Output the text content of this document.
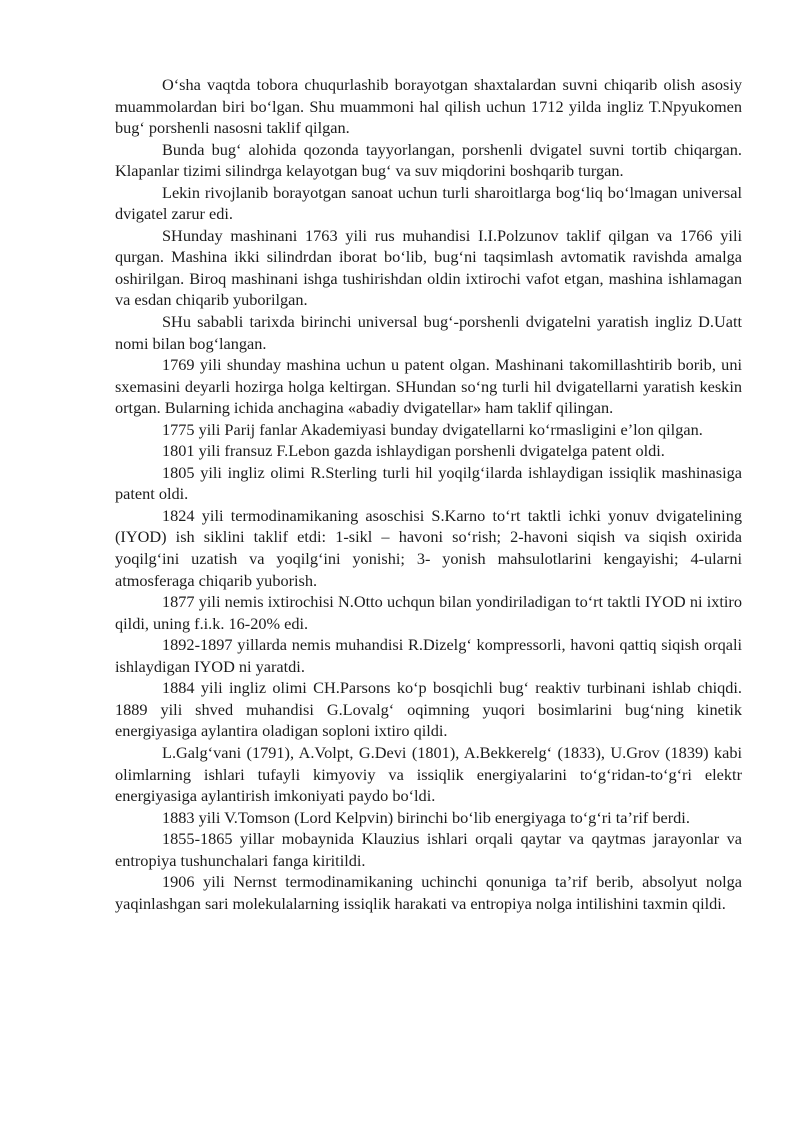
O‘sha vaqtda tobora chuqurlashib borayotgan shaxtalardan suvni chiqarib olish asosiy muammolardan biri bo‘lgan. Shu muammoni hal qilish uchun 1712 yilda ingliz T.Npyukomen bug‘ porshenli nasosni taklif qilgan.

Bunda bug‘ alohida qozonda tayyorlangan, porshenli dvigatel suvni tortib chiqargan. Klapanlar tizimi silindrga kelayotgan bug‘ va suv miqdorini boshqarib turgan.

Lekin rivojlanib borayotgan sanoat uchun turli sharoitlarga bog‘liq bo‘lmagan universal dvigatel zarur edi.

SHunday mashinani 1763 yili rus muhandisi I.I.Polzunov taklif qilgan va 1766 yili qurgan. Mashina ikki silindrdan iborat bo‘lib, bug‘ni taqsimlash avtomatik ravishda amalga oshirilgan. Biroq mashinani ishga tushirishdan oldin ixtirochi vafot etgan, mashina ishlamagan va esdan chiqarib yuborilgan.

SHu sababli tarixda birinchi universal bug‘-porshenli dvigatelni yaratish ingliz D.Uatt nomi bilan bog‘langan.

1769 yili shunday mashina uchun u patent olgan. Mashinani takomillashtirib borib, uni sxemasini deyarli hozirga holga keltirgan. SHundan so‘ng turli hil dvigatellarni yaratish keskin ortgan. Bularning ichida anchagina «abadiy dvigatellar» ham taklif qilingan.

1775 yili Parij fanlar Akademiyasi bunday dvigatellarni ko‘rmasligini e’lon qilgan.

1801 yili fransuz F.Lebon gazda ishlaydigan porshenli dvigatelga patent oldi.

1805 yili ingliz olimi R.Sterling turli hil yoqilg‘ilarda ishlaydigan issiqlik mashinasiga patent oldi.

1824 yili termodinamikaning asoschisi S.Karno to‘rt taktli ichki yonuv dvigatelining (IYOD) ish siklini taklif etdi: 1-sikl – havoni so‘rish; 2-havoni siqish va siqish oxirida yoqilg‘ini uzatish va yoqilg‘ini yonishi; 3- yonish mahsulotlarini kengayishi; 4-ularni atmosferaga chiqarib yuborish.

1877 yili nemis ixtirochisi N.Otto uchqun bilan yondiriladigan to‘rt taktli IYOD ni ixtiro qildi, uning f.i.k. 16-20% edi.

1892-1897 yillarda nemis muhandisi R.Dizelg‘ kompressorli, havoni qattiq siqish orqali ishlaydigan IYOD ni yaratdi.

1884 yili ingliz olimi CH.Parsons ko‘p bosqichli bug‘ reaktiv turbinani ishlab chiqdi. 1889 yili shved muhandisi G.Lovalg‘ oqimning yuqori bosimlarini bug‘ning kinetik energiyasiga aylantira oladigan soploni ixtiro qildi.

L.Galg‘vani (1791), A.Volpt, G.Devi (1801), A.Bekkerelg‘ (1833), U.Grov (1839) kabi olimlarning ishlari tufayli kimyoviy va issiqlik energiyalarini to‘g‘ridan-to‘g‘ri elektr energiyasiga aylantirish imkoniyati paydo bo‘ldi.

1883 yili V.Tomson (Lord Kelpvin) birinchi bo‘lib energiyaga to‘g‘ri ta’rif berdi.

1855-1865 yillar mobaynida Klauzius ishlari orqali qaytar va qaytmas jarayonlar va entropiya tushunchalari fanga kiritildi.

1906 yili Nernst termodinamikaning uchinchi qonuniga ta’rif berib, absolyut nolga yaqinlashgan sari molekulalarning issiqlik harakati va entropiya nolga intilishini taxmin qildi.
